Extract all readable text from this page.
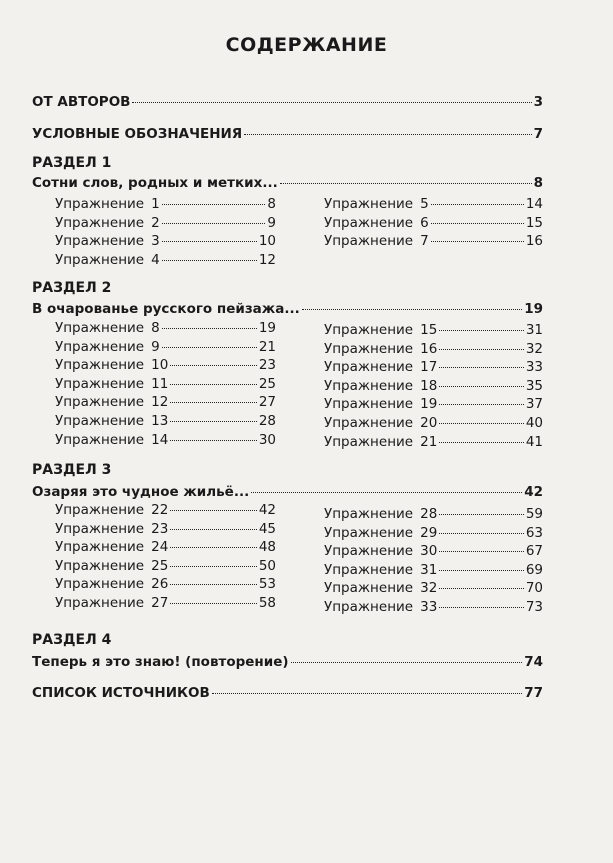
СОДЕРЖАНИЕ
ОТ АВТОРОВ	3
УСЛОВНЫЕ ОБОЗНАЧЕНИЯ	7
РАЗДЕЛ 1
Сотни слов, родных и метких...	8
Упражнение 1	8
Упражнение 2	9
Упражнение 3	10
Упражнение 4	12
Упражнение 5	14
Упражнение 6	15
Упражнение 7	16
РАЗДЕЛ 2
В очарованье русского пейзажа...	19
Упражнение 8	19
Упражнение 9	21
Упражнение 10	23
Упражнение 11	25
Упражнение 12	27
Упражнение 13	28
Упражнение 14	30
Упражнение 15	31
Упражнение 16	32
Упражнение 17	33
Упражнение 18	35
Упражнение 19	37
Упражнение 20	40
Упражнение 21	41
РАЗДЕЛ 3
Озаряя это чудное жильё...	42
Упражнение 22	42
Упражнение 23	45
Упражнение 24	48
Упражнение 25	50
Упражнение 26	53
Упражнение 27	58
Упражнение 28	59
Упражнение 29	63
Упражнение 30	67
Упражнение 31	69
Упражнение 32	70
Упражнение 33	73
РАЗДЕЛ 4
Теперь я это знаю! (повторение)	74
СПИСОК ИСТОЧНИКОВ	77
